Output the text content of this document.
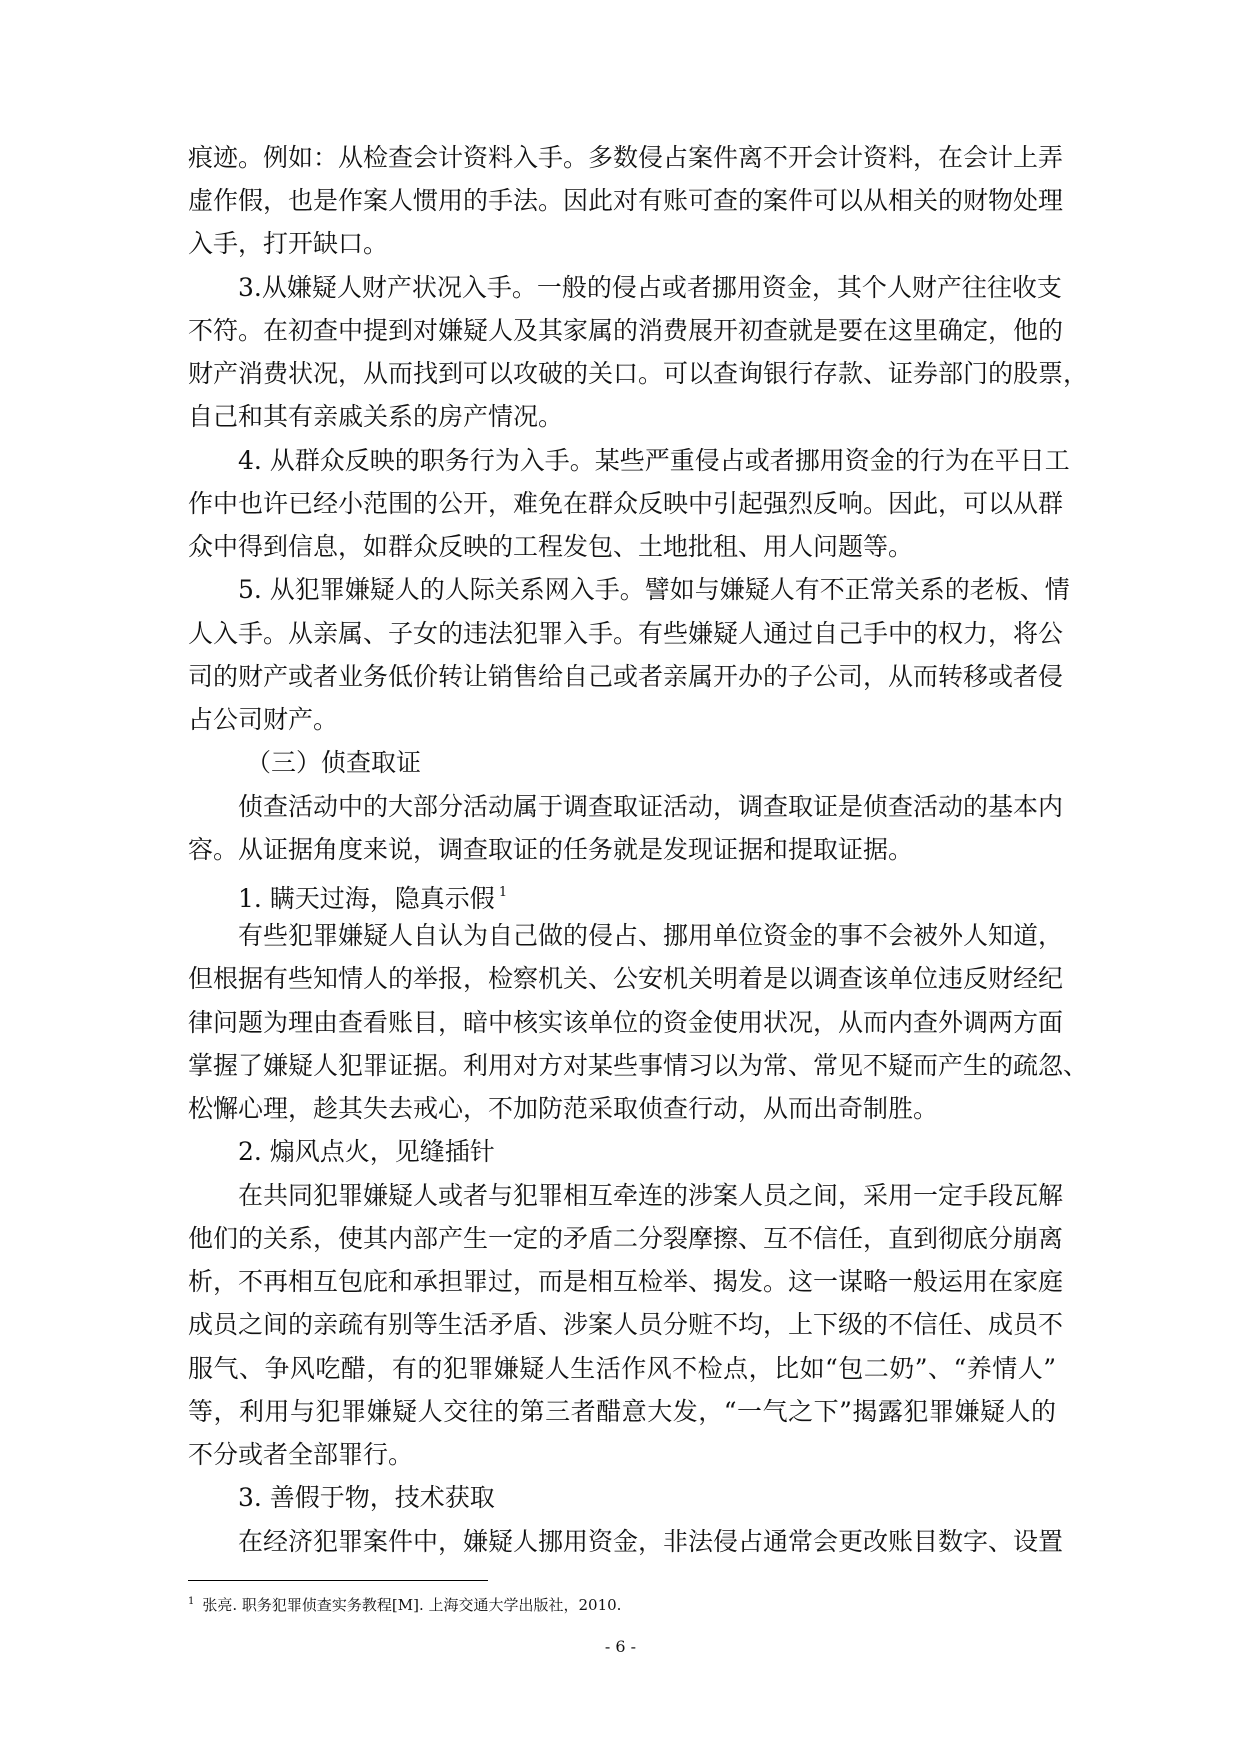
痕迹。例如：从检查会计资料入手。多数侵占案件离不开会计资料，在会计上弄
虚作假，也是作案人惯用的手法。因此对有账可查的案件可以从相关的财物处理
入手，打开缺口。
3.从嫌疑人财产状况入手。一般的侵占或者挪用资金，其个人财产往往收支
不符。在初查中提到对嫌疑人及其家属的消费展开初查就是要在这里确定，他的
财产消费状况，从而找到可以攻破的关口。可以查询银行存款、证券部门的股票，
自己和其有亲戚关系的房产情况。
4. 从群众反映的职务行为入手。某些严重侵占或者挪用资金的行为在平日工
作中也许已经小范围的公开，难免在群众反映中引起强烈反响。因此，可以从群
众中得到信息，如群众反映的工程发包、土地批租、用人问题等。
5. 从犯罪嫌疑人的人际关系网入手。譬如与嫌疑人有不正常关系的老板、情
人入手。从亲属、子女的违法犯罪入手。有些嫌疑人通过自己手中的权力，将公
司的财产或者业务低价转让销售给自己或者亲属开办的子公司，从而转移或者侵
占公司财产。
（三）侦查取证
侦查活动中的大部分活动属于调查取证活动，调查取证是侦查活动的基本内
容。从证据角度来说，调查取证的任务就是发现证据和提取证据。
1. 瞒天过海，隐真示假 $^1$
有些犯罪嫌疑人自认为自己做的侵占、挪用单位资金的事不会被外人知道，
但根据有些知情人的举报，检察机关、公安机关明着是以调查该单位违反财经纪
律问题为理由查看账目，暗中核实该单位的资金使用状况，从而内查外调两方面
掌握了嫌疑人犯罪证据。利用对方对某些事情习以为常、常见不疑而产生的疏忽、
松懈心理，趁其失去戒心，不加防范采取侦查行动，从而出奇制胜。
2. 煽风点火，见缝插针
在共同犯罪嫌疑人或者与犯罪相互牵连的涉案人员之间，采用一定手段瓦解
他们的关系，使其内部产生一定的矛盾二分裂摩擦、互不信任，直到彻底分崩离
析，不再相互包庇和承担罪过，而是相互检举、揭发。这一谋略一般运用在家庭
成员之间的亲疏有别等生活矛盾、涉案人员分赃不均，上下级的不信任、成员不
服气、争风吃醋，有的犯罪嫌疑人生活作风不检点，比如“包二奶”、“养情人”
等，利用与犯罪嫌疑人交往的第三者醋意大发，“一气之下”揭露犯罪嫌疑人的
不分或者全部罪行。
3. 善假于物，技术获取
在经济犯罪案件中，嫌疑人挪用资金，非法侵占通常会更改账目数字、设置
$^1$ 张亮. 职务犯罪侦查实务教程[M]. 上海交通大学出版社，2010.
- 6 -
